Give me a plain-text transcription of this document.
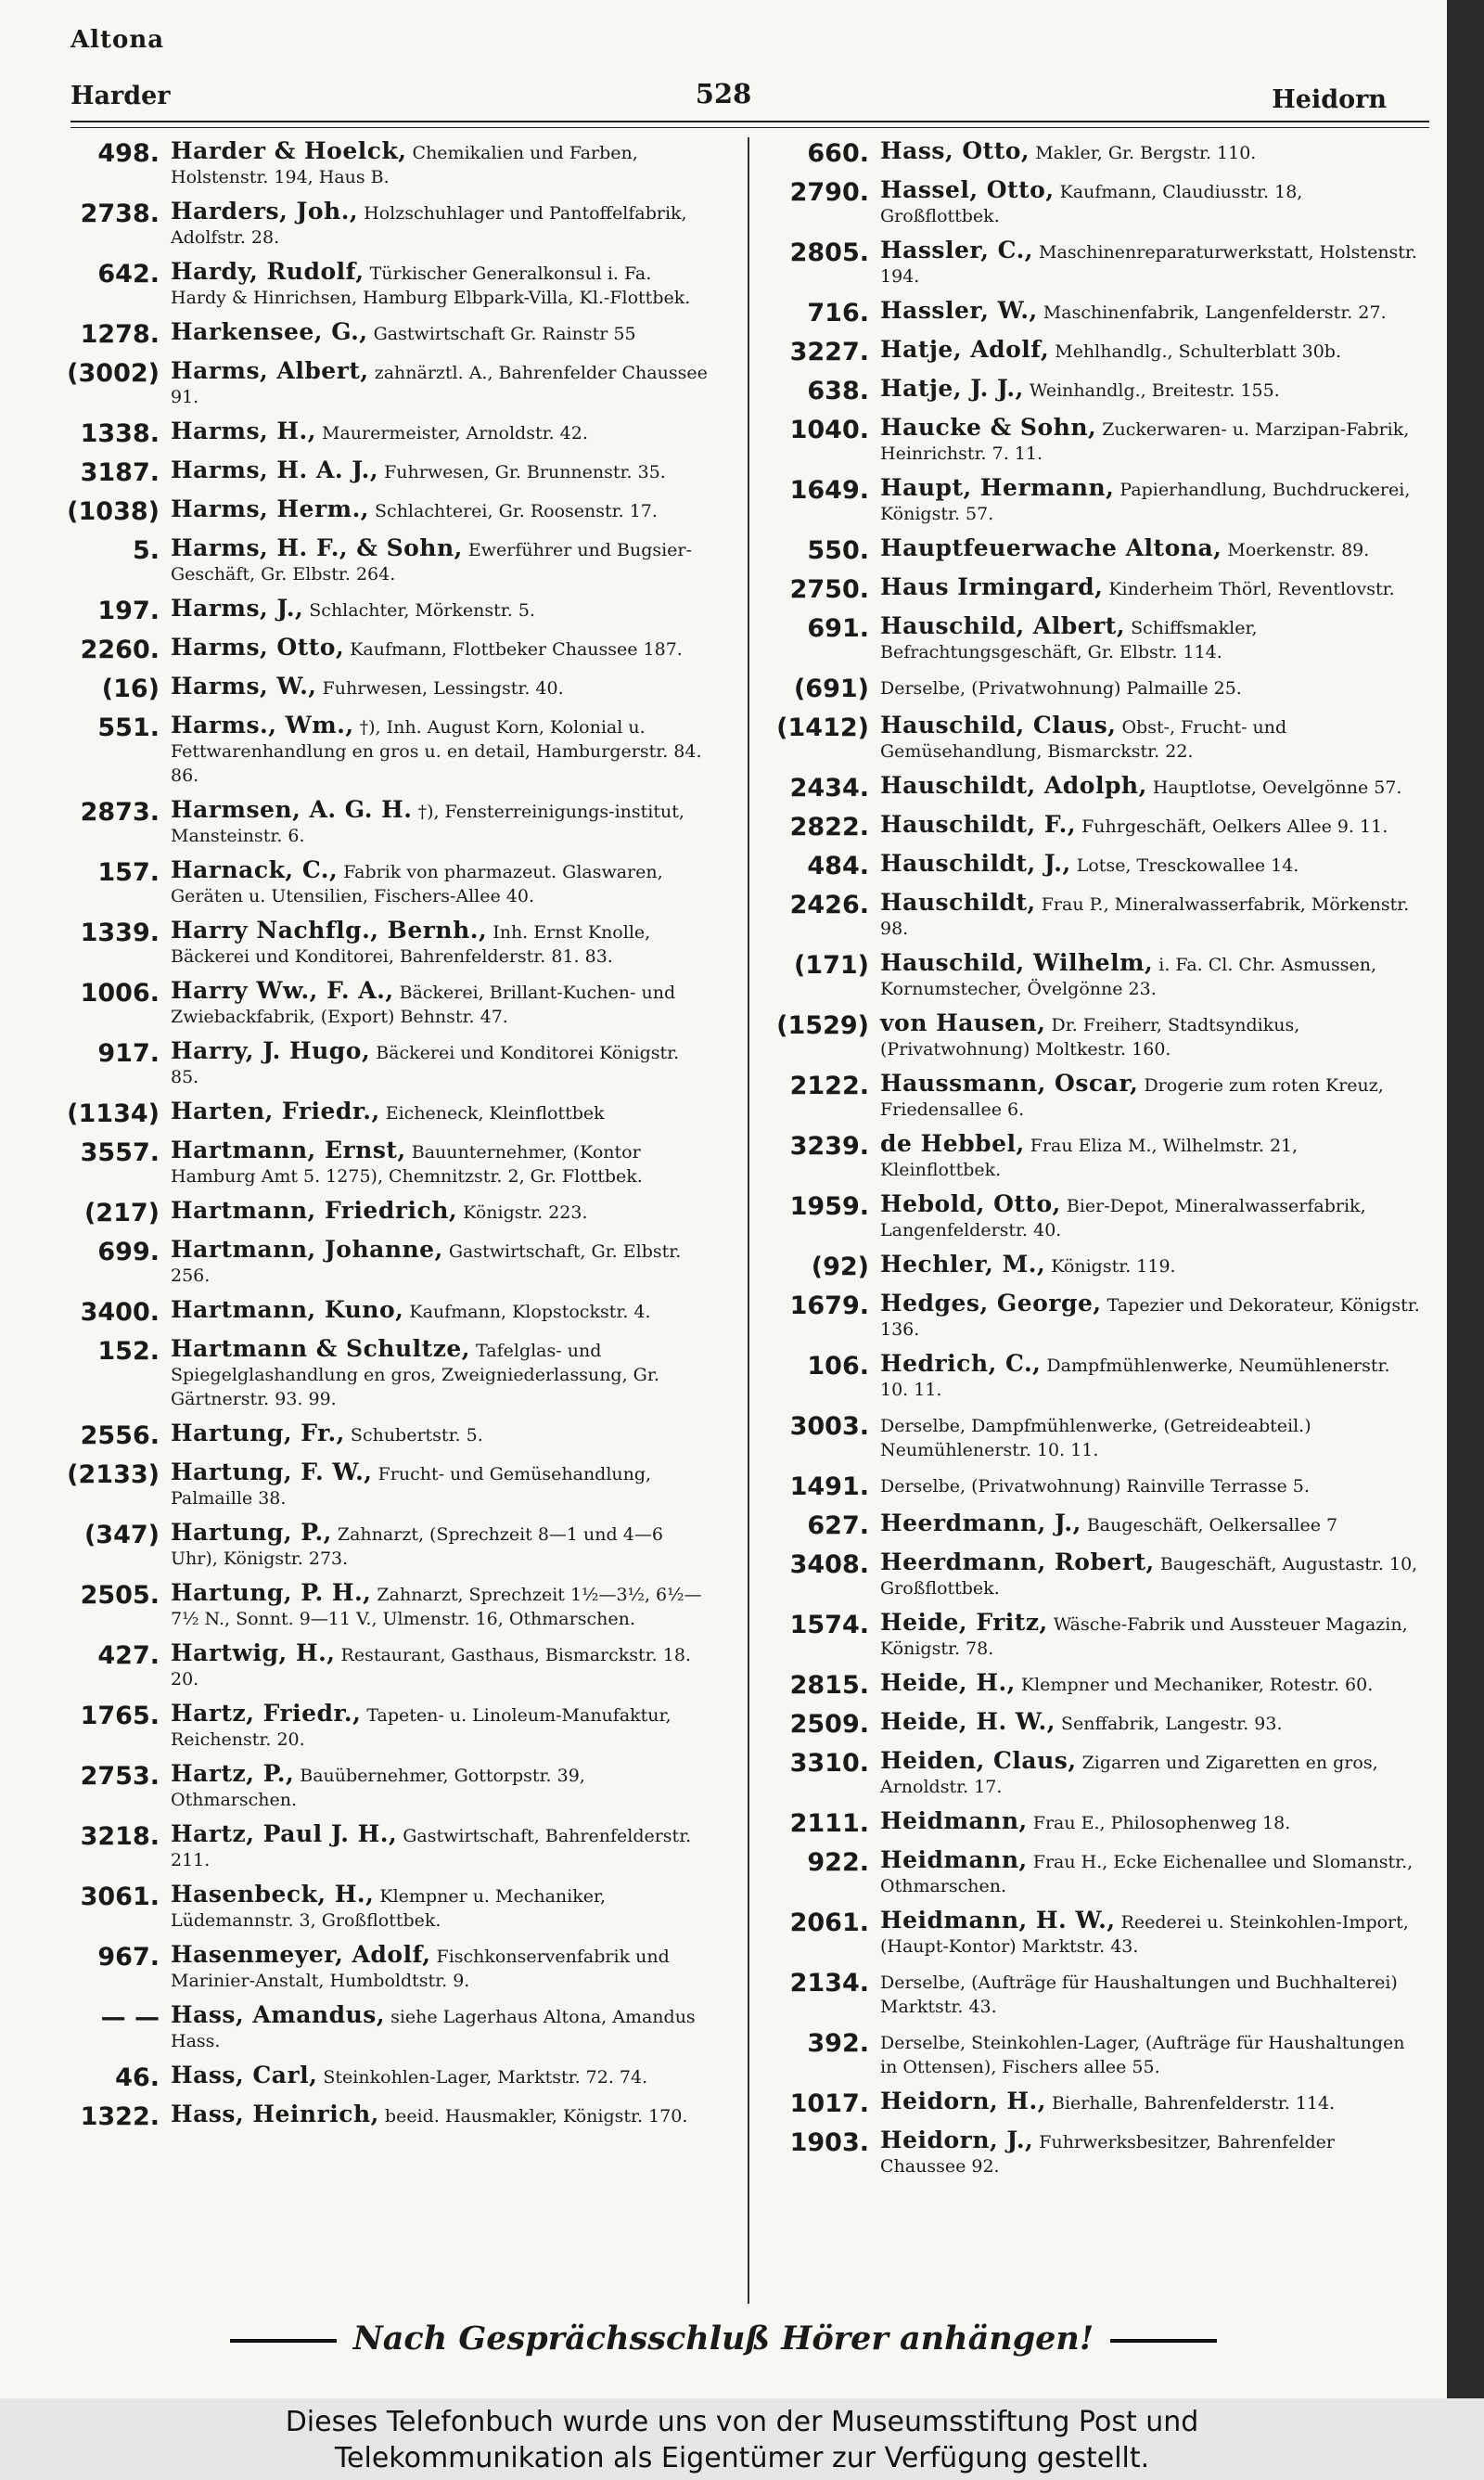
Altona
Harder	528	Heidorn
498. Harder & Hoelck, Chemikalien und Farben, Holstenstr. 194, Haus B.
2738. Harders, Joh., Holzschuhlager und Pantoffelfabrik, Adolfstr. 28.
642. Hardy, Rudolf, Türkischer Generalkonsul i. Fa. Hardy & Hinrichsen, Hamburg Elbpark-Villa, Kl.-Flottbek.
1278. Harkensee, G., Gastwirtschaft Gr. Rainstr 55
(3002) Harms, Albert, zahnärztl. A., Bahrenfelder Chaussee 91.
1338. Harms, H., Maurermeister, Arnoldstr. 42.
3187. Harms, H. A. J., Fuhrwesen, Gr. Brunnenstr. 35.
(1038) Harms, Herm., Schlachterei, Gr. Roosenstr. 17.
5. Harms, H. F., & Sohn, Ewerführer und Bugsier-Geschäft, Gr. Elbstr. 264.
197. Harms, J., Schlachter, Mörkenstr. 5.
2260. Harms, Otto, Kaufmann, Flottbeker Chaussee 187.
(16) Harms, W., Fuhrwesen, Lessingstr. 40.
551. Harms., Wm., †), Inh. August Korn, Kolonial u. Fettwarenhandlung en gros u. en detail, Hamburgerstr. 84. 86.
2873. Harmsen, A. G. H. †), Fensterreinigungs-institut, Mansteinstr. 6.
157. Harnack, C., Fabrik von pharmazeut. Glaswaren, Geräten u. Utensilien, Fischers-Allee 40.
1339. Harry Nachflg., Bernh., Inh. Ernst Knolle, Bäckerei und Konditorei, Bahrenfelderstr. 81. 83.
1006. Harry Ww., F. A., Bäckerei, Brillant-Kuchen- und Zwiebackfabrik, (Export) Behnstr. 47.
917. Harry, J. Hugo, Bäckerei und Konditorei Königstr. 85.
(1134) Harten, Friedr., Eicheneck, Kleinflottbek
3557. Hartmann, Ernst, Bauunternehmer, (Kontor Hamburg Amt 5. 1275), Chemnitzstr. 2, Gr. Flottbek.
(217) Hartmann, Friedrich, Königstr. 223.
699. Hartmann, Johanne, Gastwirtschaft, Gr. Elbstr. 256.
3400. Hartmann, Kuno, Kaufmann, Klopstockstr. 4.
152. Hartmann & Schultze, Tafelglas- und Spiegelglashandlung en gros, Zweigniederlassung, Gr. Gärtnerstr. 93. 99.
2556. Hartung, Fr., Schubertstr. 5.
(2133) Hartung, F. W., Frucht- und Gemüsehandlung, Palmaille 38.
(347) Hartung, P., Zahnarzt, (Sprechzeit 8—1 und 4—6 Uhr), Königstr. 273.
2505. Hartung, P. H., Zahnarzt, Sprechzeit 1½—3½, 6½—7½ N., Sonnt. 9—11 V., Ulmenstr. 16, Othmarschen.
427. Hartwig, H., Restaurant, Gasthaus, Bismarckstr. 18. 20.
1765. Hartz, Friedr., Tapeten- u. Linoleum-Manufaktur, Reichenstr. 20.
2753. Hartz, P., Bauübernehmer, Gottorpstr. 39, Othmarschen.
3218. Hartz, Paul J. H., Gastwirtschaft, Bahrenfelderstr. 211.
3061. Hasenbeck, H., Klempner u. Mechaniker, Lüdemannstr. 3, Großflottbek.
967. Hasenmeyer, Adolf, Fischkonservenfabrik und Marinier-Anstalt, Humboldtstr. 9.
— — Hass, Amandus, siehe Lagerhaus Altona, Amandus Hass.
46. Hass, Carl, Steinkohlen-Lager, Marktstr. 72. 74.
1322. Hass, Heinrich, beeid. Hausmakler, Königstr. 170.
660. Hass, Otto, Makler, Gr. Bergstr. 110.
2790. Hassel, Otto, Kaufmann, Claudiusstr. 18, Großflottbek.
2805. Hassler, C., Maschinenreparaturwerkstatt, Holstenstr. 194.
716. Hassler, W., Maschinenfabrik, Langenfelderstr. 27.
3227. Hatje, Adolf, Mehlhandlg., Schulterblatt 30b.
638. Hatje, J. J., Weinhandlg., Breitestr. 155.
1040. Haucke & Sohn, Zuckerwaren- u. Marzipan-Fabrik, Heinrichstr. 7. 11.
1649. Haupt, Hermann, Papierhandlung, Buchdruckerei, Königstr. 57.
550. Hauptfeuerwache Altona, Moerkenstr. 89.
2750. Haus Irmingard, Kinderheim Thörl, Reventlovstr.
691. Hauschild, Albert, Schiffsmakler, Befrachtungsgeschäft, Gr. Elbstr. 114.
(691) Derselbe, (Privatwohnung) Palmaille 25.
(1412) Hauschild, Claus, Obst-, Frucht- und Gemüsehandlung, Bismarckstr. 22.
2434. Hauschildt, Adolph, Hauptlotse, Oevelgönne 57.
2822. Hauschildt, F., Fuhrgeschäft, Oelkers Allee 9. 11.
484. Hauschildt, J., Lotse, Tresckowallee 14.
2426. Hauschildt, Frau P., Mineralwasserfabrik, Mörkenstr. 98.
(171) Hauschild, Wilhelm, i. Fa. Cl. Chr. Asmussen, Kornumstecher, Övelgönne 23.
(1529) von Hausen, Dr. Freiherr, Stadtsyndikus, (Privatwohnung) Moltkestr. 160.
2122. Haussmann, Oscar, Drogerie zum roten Kreuz, Friedensallee 6.
3239. de Hebbel, Frau Eliza M., Wilhelmstr. 21, Kleinflottbek.
1959. Hebold, Otto, Bier-Depot, Mineralwasserfabrik, Langenfelderstr. 40.
(92) Hechler, M., Königstr. 119.
1679. Hedges, George, Tapezier und Dekorateur, Königstr. 136.
106. Hedrich, C., Dampfmühlenwerke, Neumühlenerstr. 10. 11.
3003. Derselbe, Dampfmühlenwerke, (Getreideabteil.) Neumühlenerstr. 10. 11.
1491. Derselbe, (Privatwohnung) Rainville Terrasse 5.
627. Heerdmann, J., Baugeschäft, Oelkersallee 7
3408. Heerdmann, Robert, Baugeschäft, Augustastr. 10, Großflottbek.
1574. Heide, Fritz, Wäsche-Fabrik und Aussteuer Magazin, Königstr. 78.
2815. Heide, H., Klempner und Mechaniker, Rotestr. 60.
2509. Heide, H. W., Senffabrik, Langestr. 93.
3310. Heiden, Claus, Zigarren und Zigaretten en gros, Arnoldstr. 17.
2111. Heidmann, Frau E., Philosophenweg 18.
922. Heidmann, Frau H., Ecke Eichenallee und Slomanstr., Othmarschen.
2061. Heidmann, H. W., Reederei u. Steinkohlen-Import, (Haupt-Kontor) Marktstr. 43.
2134. Derselbe, (Aufträge für Haushaltungen und Buchhalterei) Marktstr. 43.
392. Derselbe, Steinkohlen-Lager, (Aufträge für Haushaltungen in Ottensen), Fischers allee 55.
1017. Heidorn, H., Bierhalle, Bahrenfelderstr. 114.
1903. Heidorn, J., Fuhrwerksbesitzer, Bahrenfelder Chaussee 92.
Nach Gesprächsschluß Hörer anhängen!
Dieses Telefonbuch wurde uns von der Museumsstiftung Post und
Telekommunikation als Eigentümer zur Verfügung gestellt.
